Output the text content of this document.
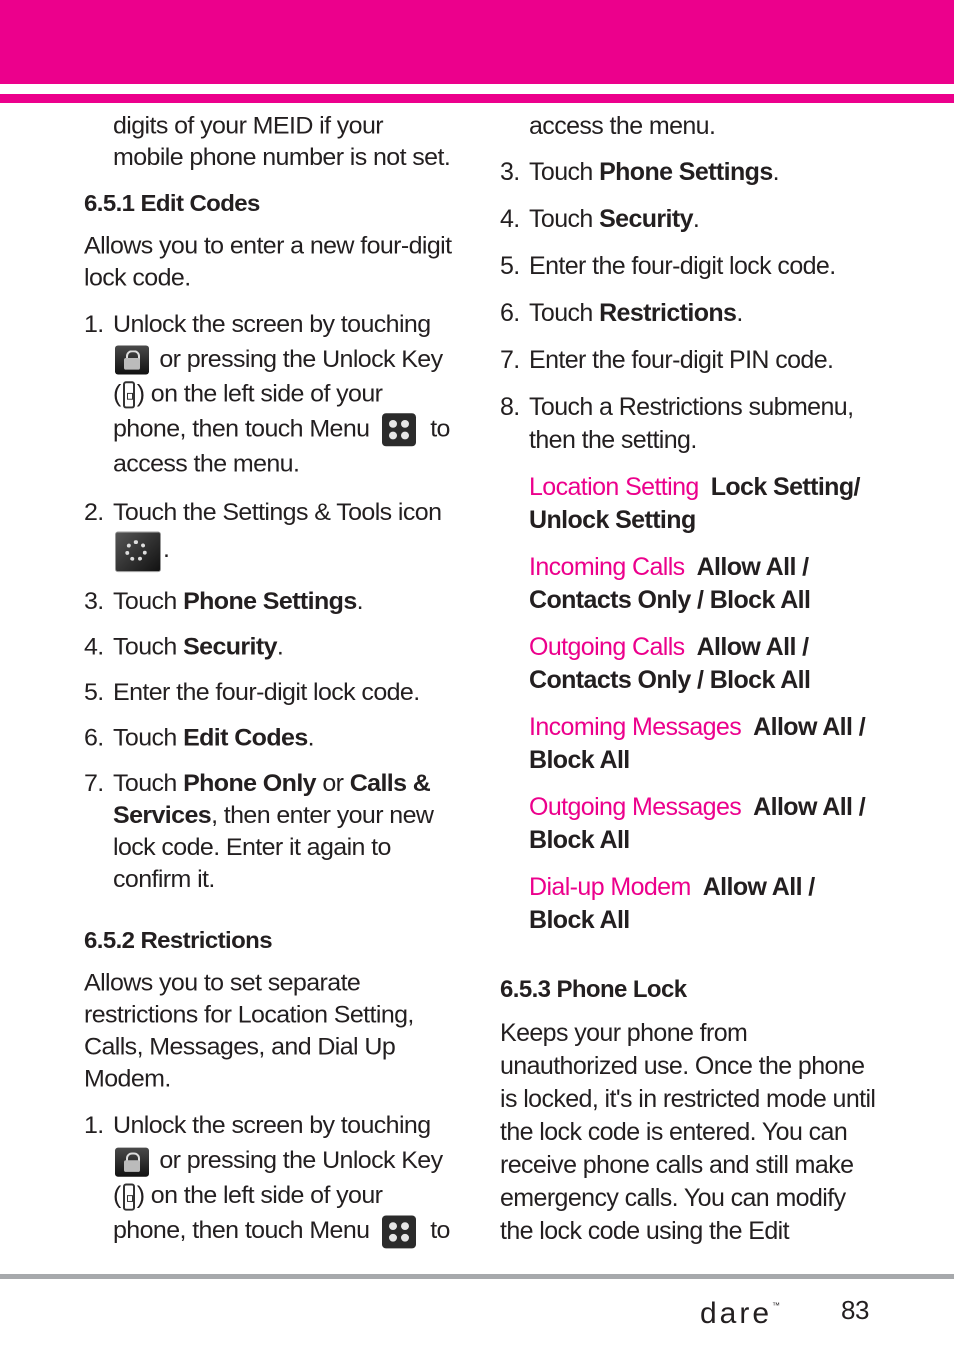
digits of your MEID if your mobile phone number is not set.

6.5.1 Edit Codes

Allows you to enter a new four-digit lock code.

1. Unlock the screen by touching  or pressing the Unlock Key ( ) on the left side of your phone, then touch Menu to access the menu.
2. Touch the Settings & Tools icon
.
3. Touch Phone Settings.
4. Touch Security.
5. Enter the four-digit lock code.
6. Touch Edit Codes.
7. Touch Phone Only or Calls & Services, then enter your new lock code. Enter it again to confirm it.

6.5.2 Restrictions

Allows you to set separate restrictions for Location Setting, Calls, Messages, and Dial Up Modem.

1. Unlock the screen by touching  or pressing the Unlock Key ( ) on the left side of your phone, then touch Menu to

access the menu.

3. Touch Phone Settings.
4. Touch Security.
5. Enter the four-digit lock code.
6. Touch Restrictions.
7. Enter the four-digit PIN code.
8. Touch a Restrictions submenu, then the setting.
Location Setting Lock Setting/ Unlock Setting
Incoming Calls Allow All / Contacts Only / Block All
Outgoing Calls Allow All / Contacts Only / Block All
Incoming Messages Allow All / Block All
Outgoing Messages Allow All / Block All
Dial-up Modem Allow All / Block All

6.5.3 Phone Lock

Keeps your phone from unauthorized use. Once the phone is locked, it's in restricted mode until the lock code is entered. You can receive phone calls and still make emergency calls. You can modify the lock code using the Edit

dare™ 83
